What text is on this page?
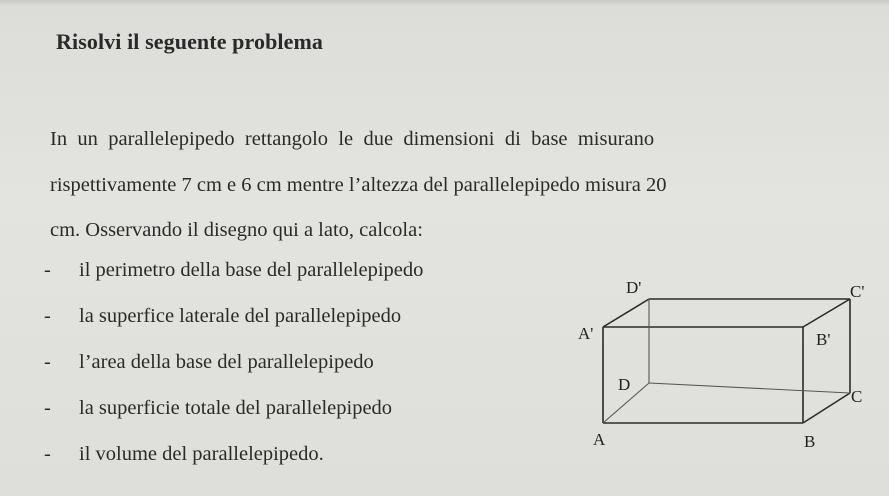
Risolvi il seguente problema
In un parallelepipedo rettangolo le due dimensioni di base misurano
rispettivamente 7 cm e 6 cm mentre l’altezza del parallelepipedo misura 20
cm. Osservando il disegno qui a lato, calcola:
-	il perimetro della base del parallelepipedo
-	la superfice laterale del parallelepipedo
-	l’area della base del parallelepipedo
-	la superficie totale del parallelepipedo
-	il volume del parallelepipedo.
D'	C'
A'	B'
D
C
A	B
